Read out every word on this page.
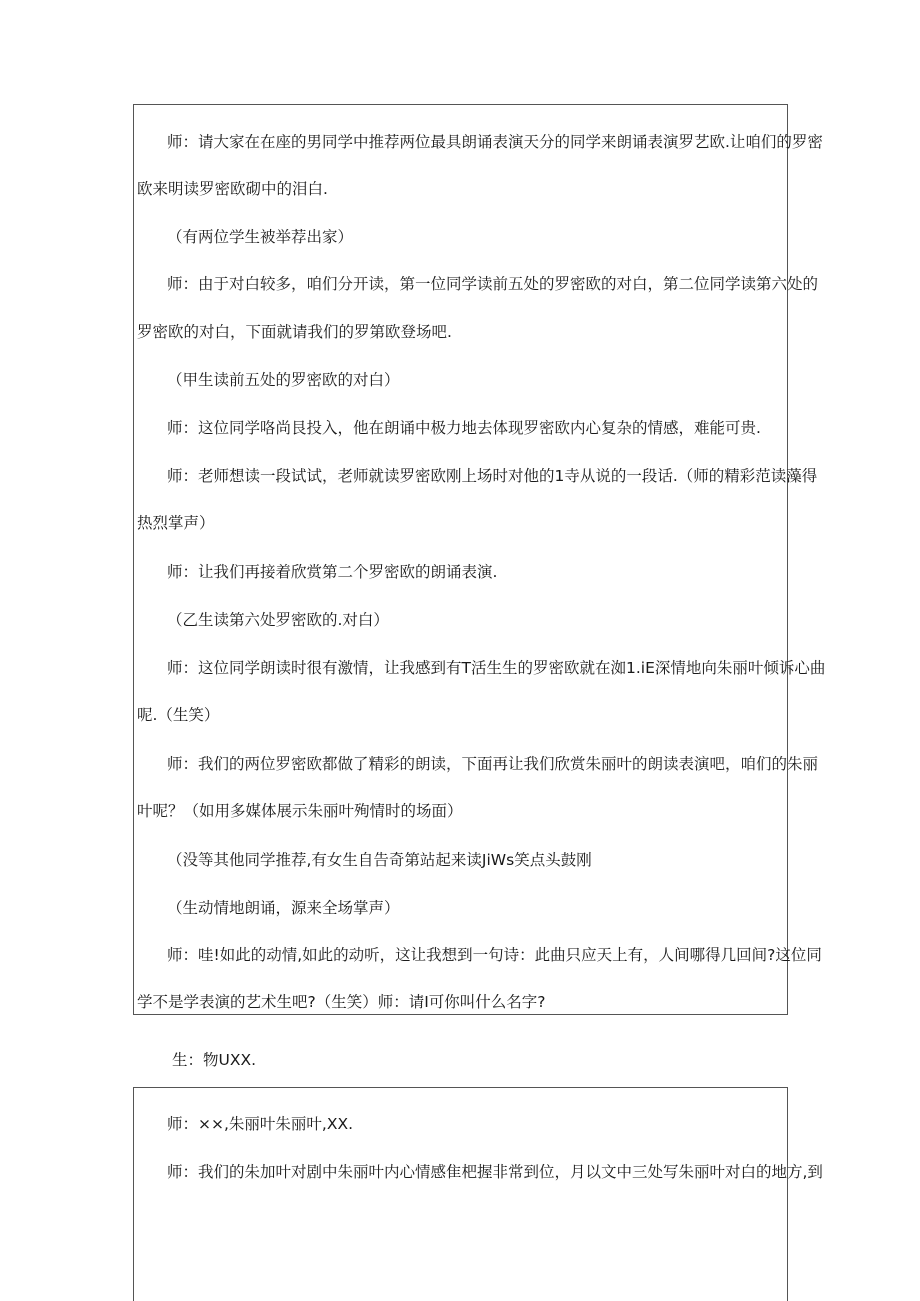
师：请大家在在座的男同学中推荐两位最具朗诵表演天分的同学来朗诵表演罗艺欧.让咱们的罗密
欧来明读罗密欧砌中的泪白.
（有两位学生被举荐出家）
师：由于对白较多，咱们分开读，第一位同学读前五处的罗密欧的对白，第二位同学读第六处的
罗密欧的对白，下面就请我们的罗第欧登场吧.
（甲生读前五处的罗密欧的对白）
师：这位同学咯尚艮投入，他在朗诵中极力地去体现罗密欧内心复杂的情感，难能可贵.
师：老师想读一段试试，老师就读罗密欧刚上场时对他的1寺从说的一段话.（师的精彩范读藻得
热烈掌声）
师：让我们再接着欣赏第二个罗密欧的朗诵表演.
（乙生读第六处罗密欧的.对白）
师：这位同学朗读时很有激情，让我感到有T活生生的罗密欧就在洳1.iE深情地向朱丽叶倾诉心曲
呢.（生笑）
师：我们的两位罗密欧都做了精彩的朗读，下面再让我们欣赏朱丽叶的朗读表演吧，咱们的朱丽
叶呢？（如用多媒体展示朱丽叶殉情时的场面）
（没等其他同学推荐,有女生自告奇第站起来读JiWs笑点头鼓刚
（生动情地朗诵，源来全场掌声）
师：哇!如此的动情,如此的动听，这让我想到一句诗：此曲只应天上有，人间哪得几回间?这位同
学不是学表演的艺术生吧?（生笑）师：请I可你叫什么名字?
生：物UXX.
师：××,朱丽叶朱丽叶,XX.
师：我们的朱加叶对剧中朱丽叶内心情感隹杷握非常到位，月以文中三处写朱丽叶对白的地方,到
